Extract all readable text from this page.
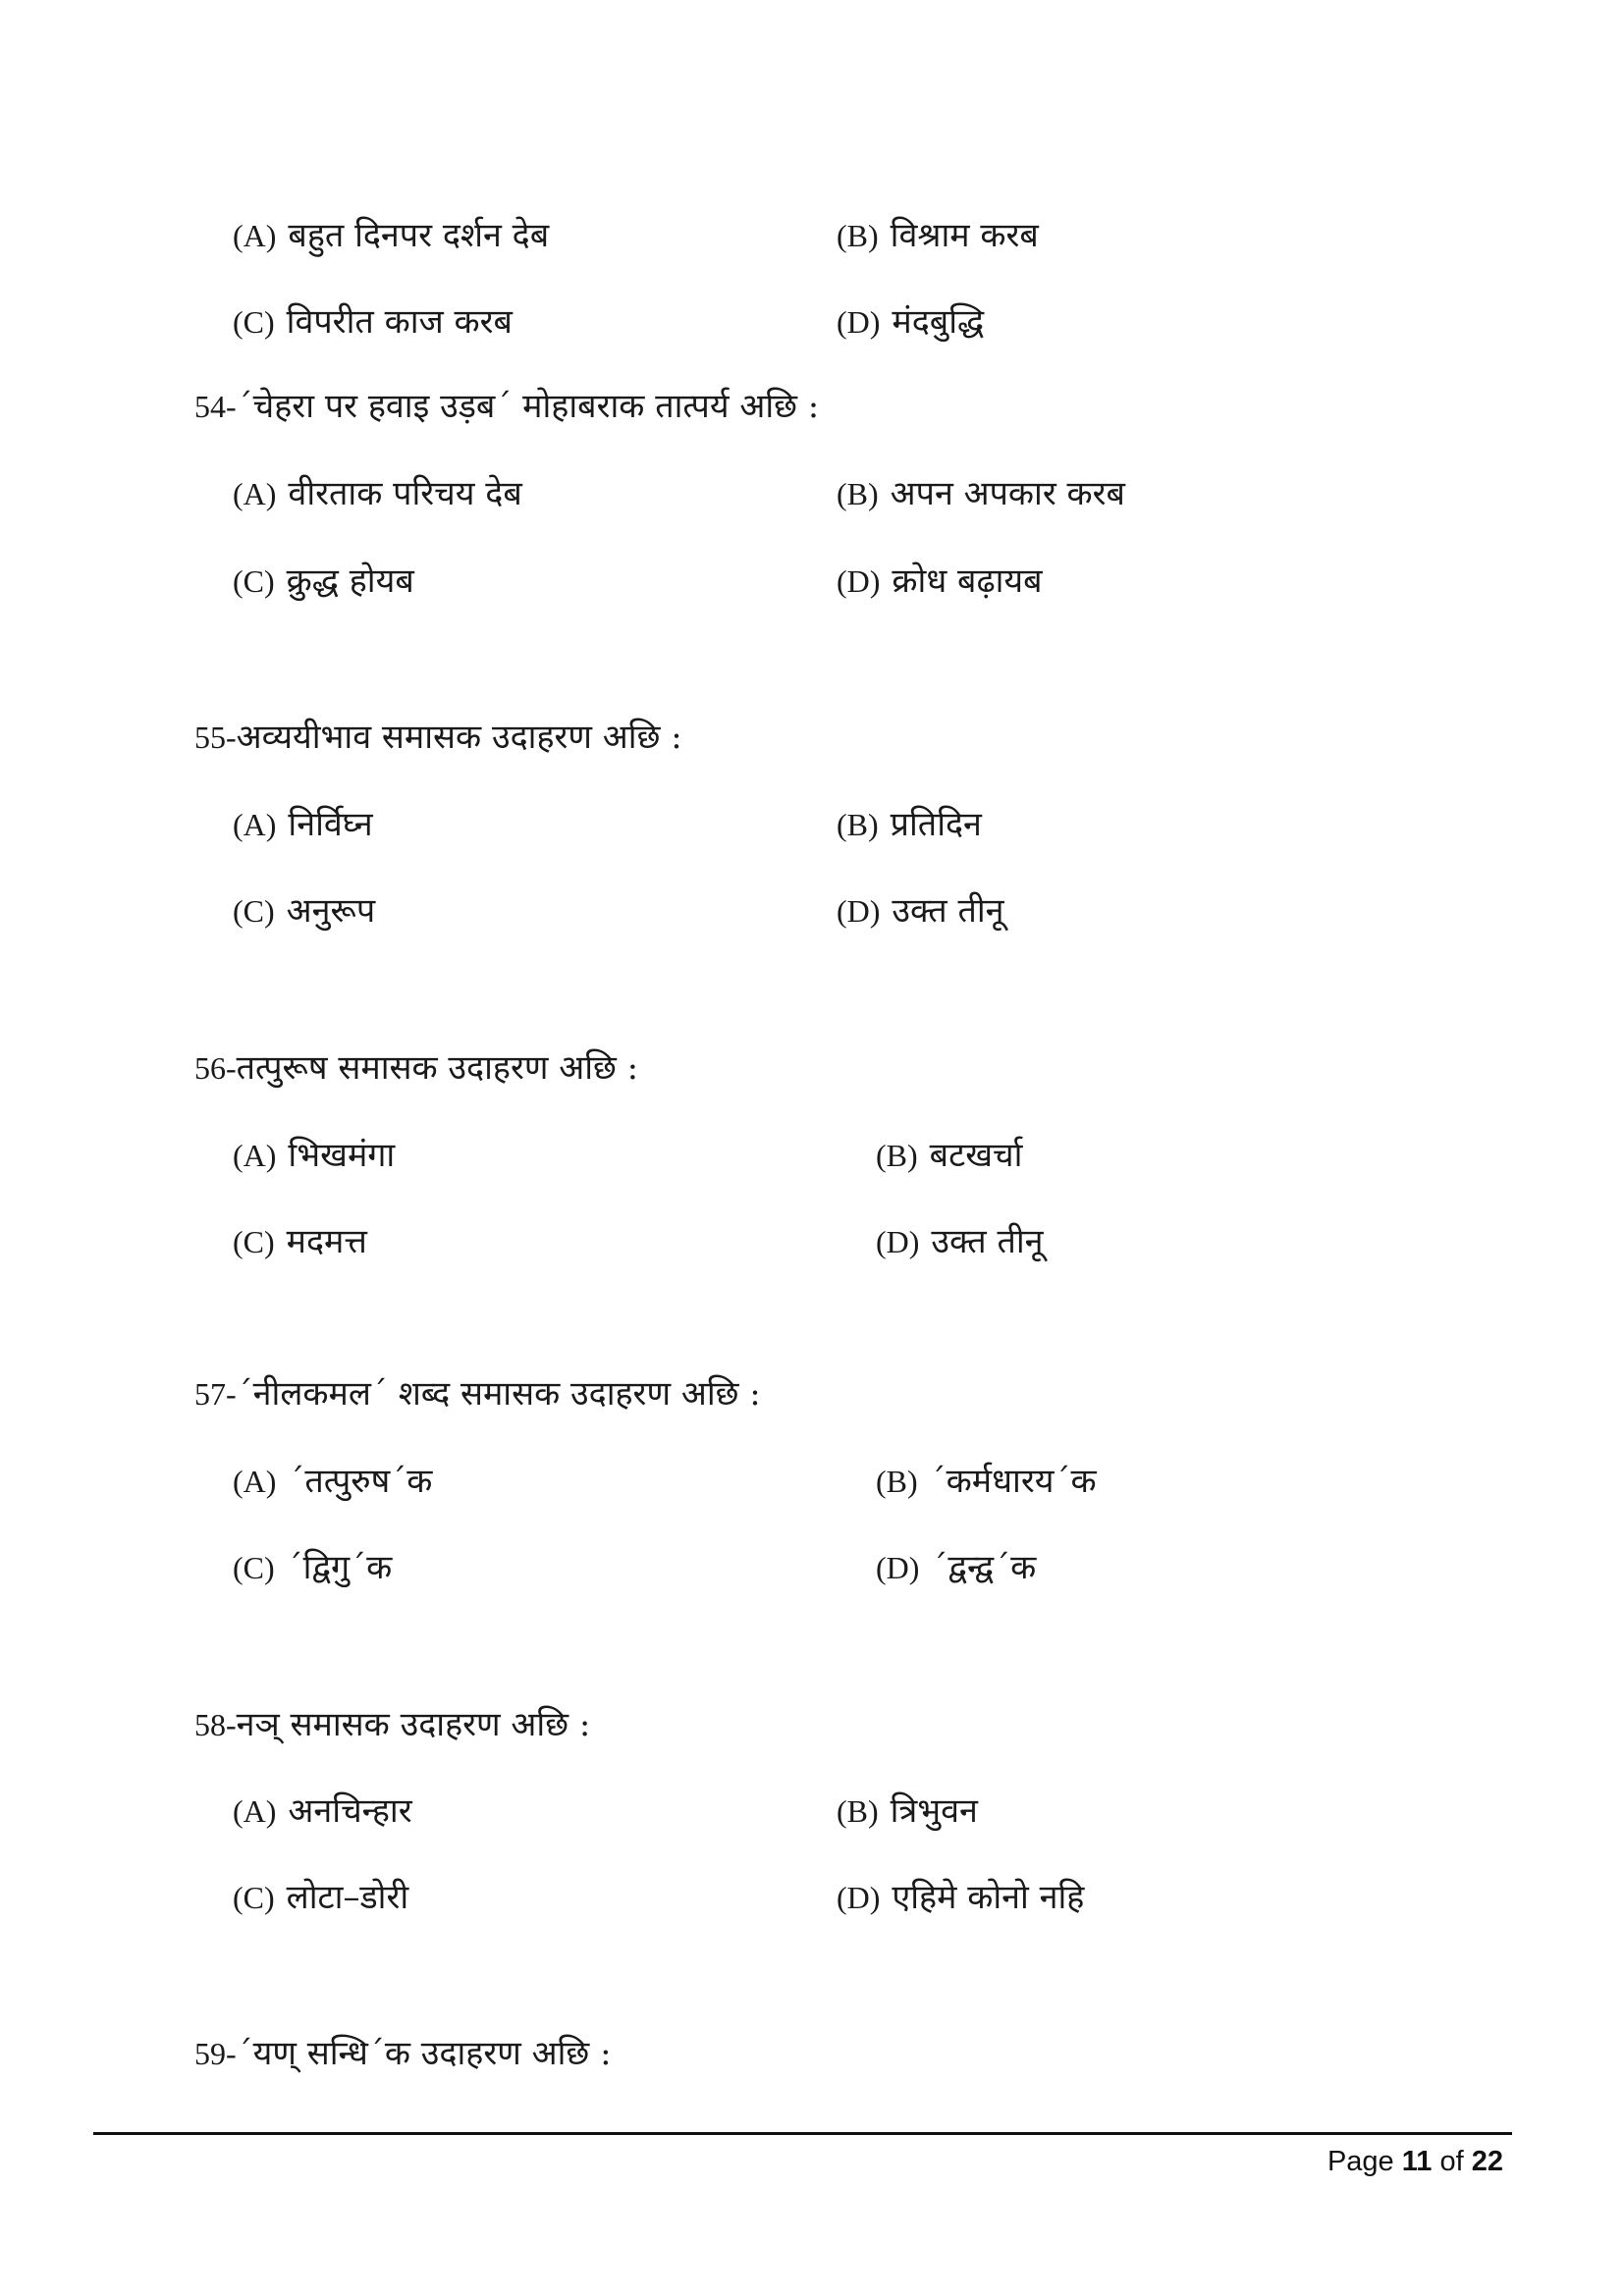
(A) बहुत दिनपर दर्शन देब	(B) विश्राम करब
(C) विपरीत काज करब	(D) मंदबुद्धि
54-´चेहरा पर हवाइ उड़ब´ मोहाबराक तात्पर्य अछि :
(A) वीरताक परिचय देब	(B) अपन अपकार करब
(C) क्रुद्ध होयब	(D) क्रोध बढ़ायब
55-अव्ययीभाव समासक उदाहरण अछि :
(A) निर्विघ्न	(B) प्रतिदिन
(C) अनुरूप	(D) उक्त तीनू
56-तत्पुरूष समासक उदाहरण अछि :
(A) भिखमंगा	(B) बटखर्चा
(C) मदमत्त	(D) उक्त तीनू
57-´नीलकमल´ शब्द समासक उदाहरण अछि :
(A) ´तत्पुरुष´क	(B) ´कर्मधारय´क
(C) ´द्विगु´क	(D) ´द्वन्द्व´क
58-नञ् समासक उदाहरण अछि :
(A) अनचिन्हार	(B) त्रिभुवन
(C) लोटा–डोरी	(D) एहिमे कोनो नहि
59-´यण् सन्धि´क उदाहरण अछि :
Page 11 of 22
